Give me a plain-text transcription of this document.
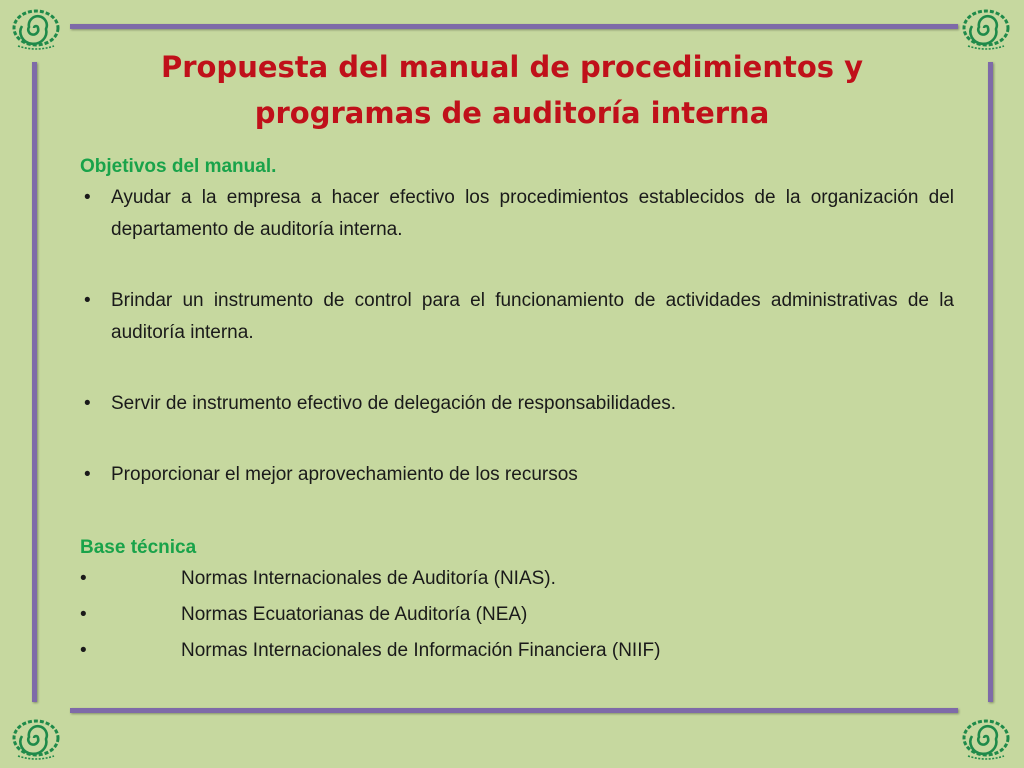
Propuesta del manual de procedimientos y
programas de auditoría interna

Objetivos del manual.

• Ayudar a la empresa a hacer efectivo los procedimientos establecidos de la organización del departamento de auditoría interna.
• Brindar un instrumento de control para el funcionamiento de actividades administrativas de la auditoría interna.
• Servir de instrumento efectivo de delegación de responsabilidades.
• Proporcionar el mejor aprovechamiento de los recursos

Base técnica

•	Normas Internacionales de Auditoría (NIAS).
•	Normas Ecuatorianas de Auditoría (NEA)
•	Normas Internacionales de Información Financiera (NIIF)
